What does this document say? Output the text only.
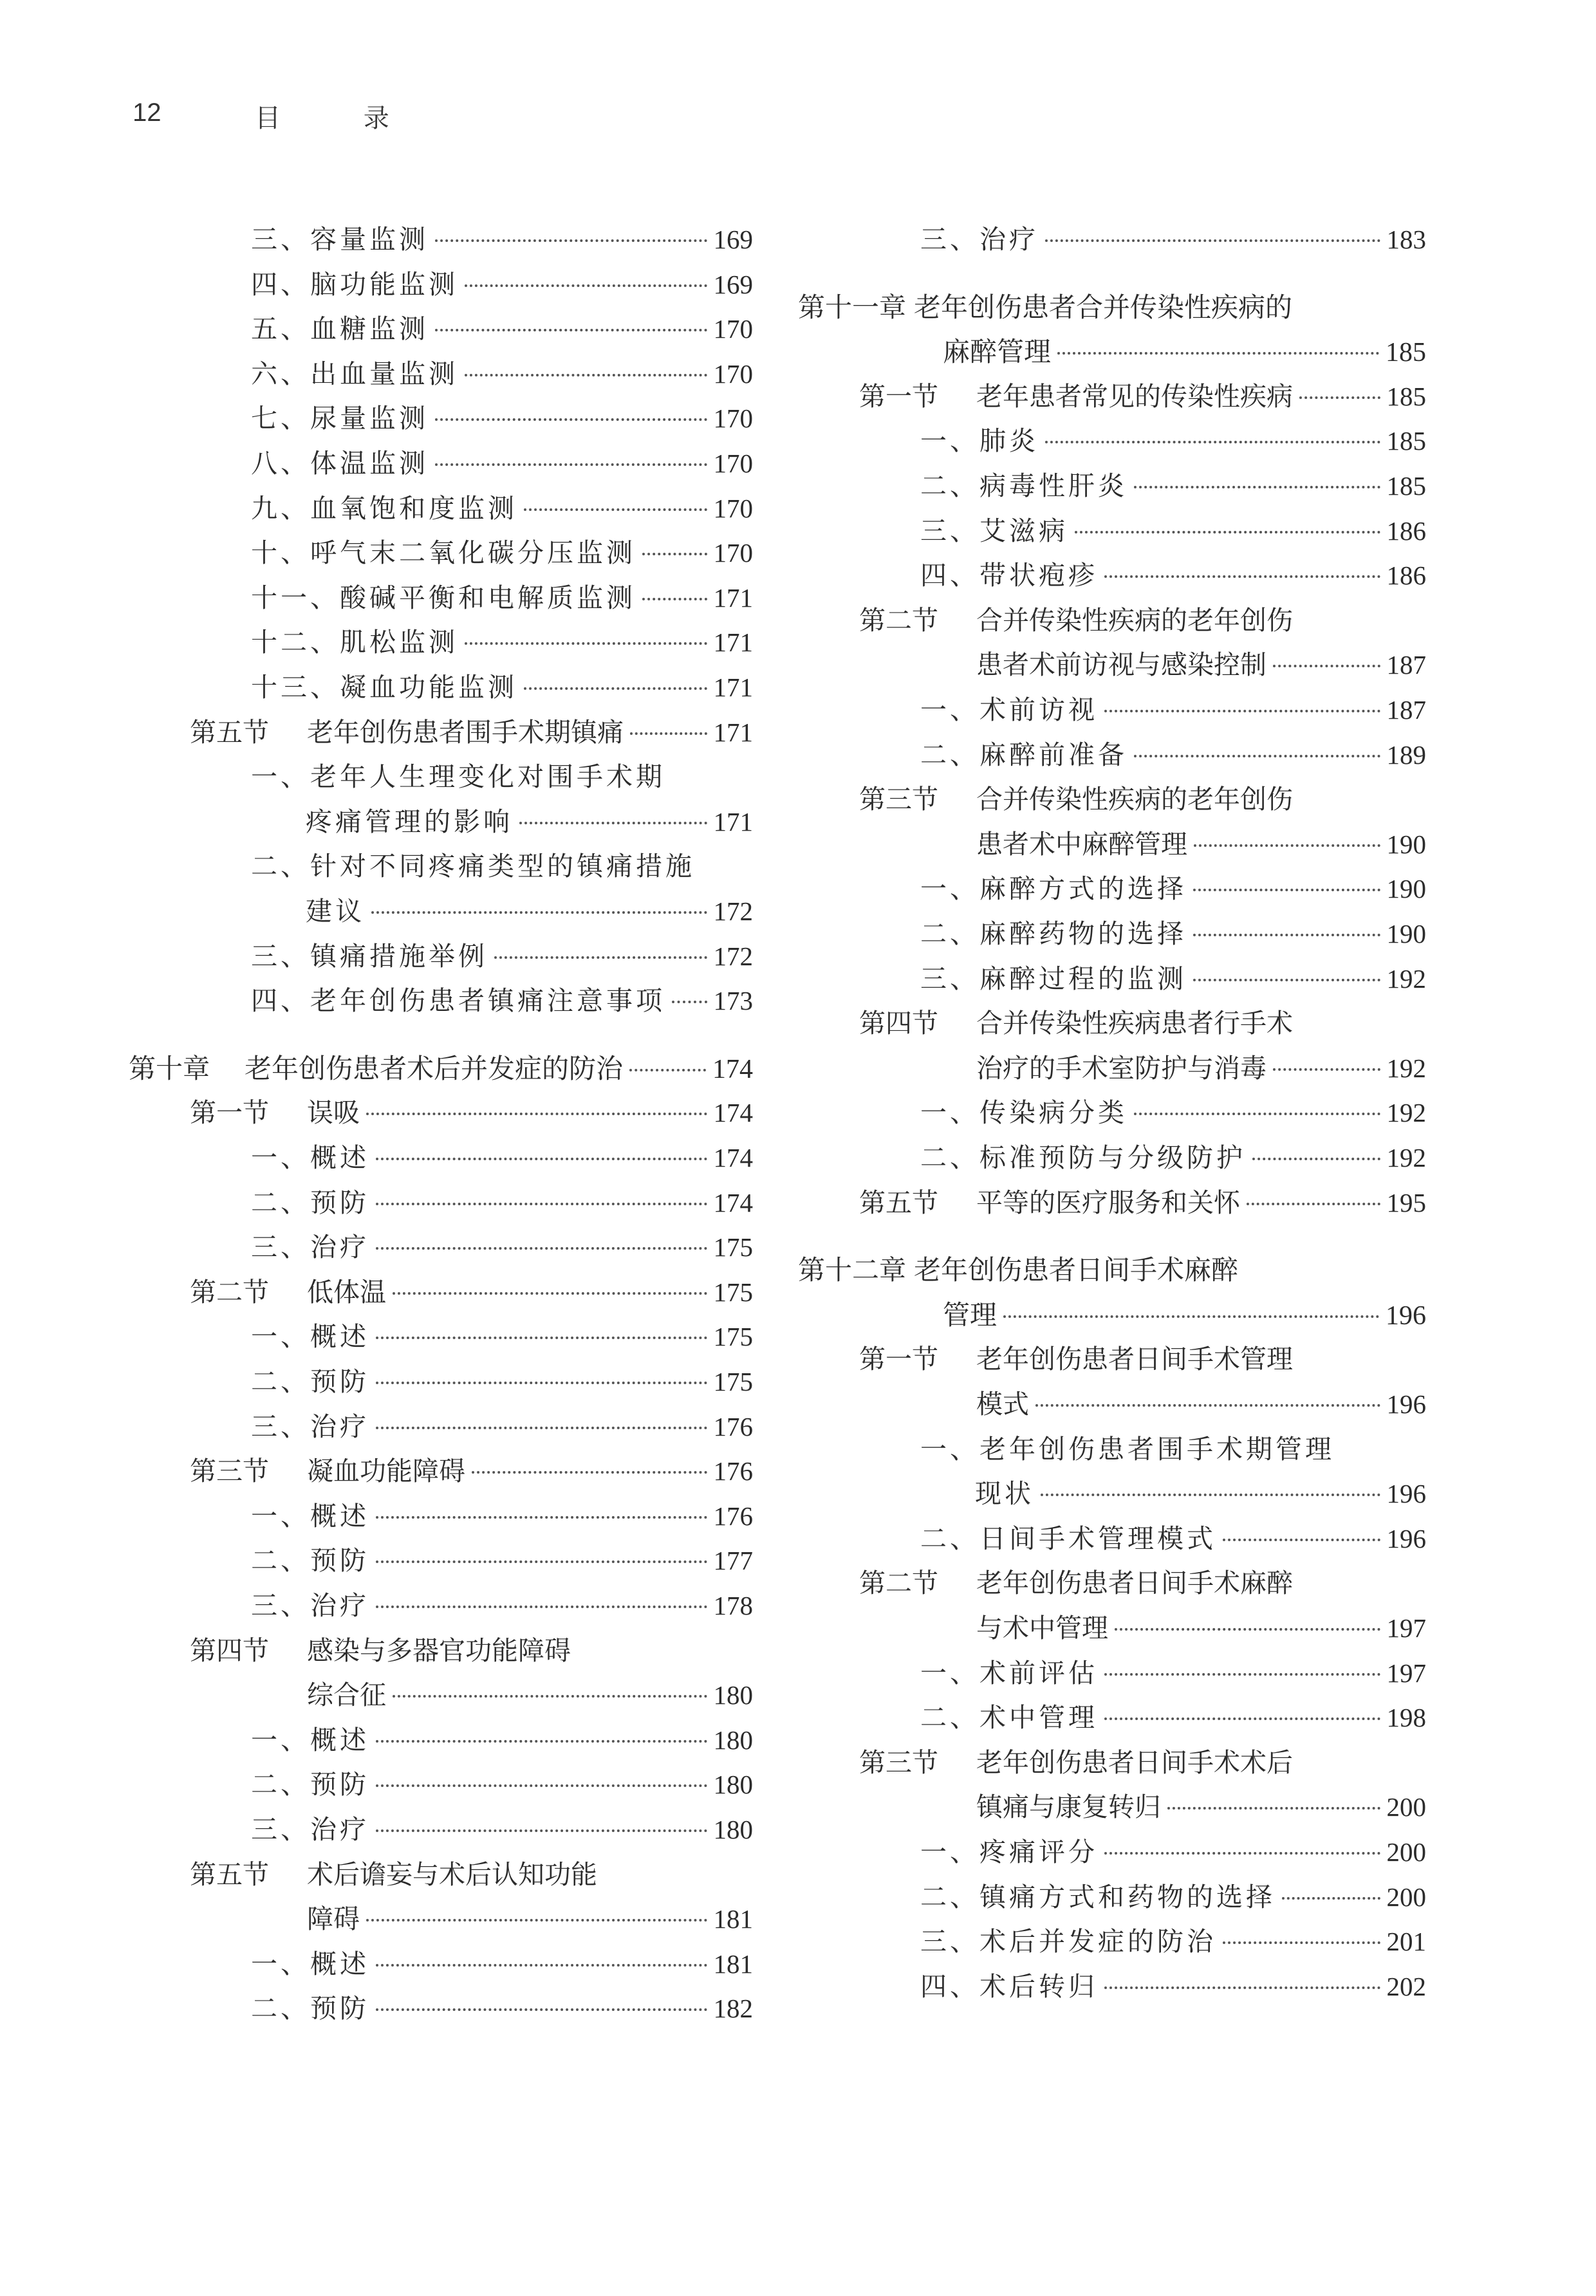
12	目 录
三、 容量监测	169
四、 脑功能监测	169
五、 血糖监测	170
六、 出血量监测	170
七、 尿量监测	170
八、 体温监测	170
九、 血氧饱和度监测	170
十、 呼气末二氧化碳分压监测	170
十一、 酸碱平衡和电解质监测	171
十二、 肌松监测	171
十三、 凝血功能监测	171
第五节	老年创伤患者围手术期镇痛	171
一、 老年人生理变化对围手术期
疼痛管理的影响	171
二、 针对不同疼痛类型的镇痛措施
建议	172
三、 镇痛措施举例	172
四、 老年创伤患者镇痛注意事项 173
第十章	老年创伤患者术后并发症的防治	174
第一节	误吸	174
一、 概述	174
二、 预防	174
三、 治疗	175
第二节	低体温	175
一、 概述	175
二、 预防	175
三、 治疗	176
第三节	凝血功能障碍	176
一、 概述	176
二、 预防	177
三、 治疗	178
第四节	感染与多器官功能障碍
综合征	180
一、 概述	180
二、 预防	180
三、 治疗	180
第五节	术后谵妄与术后认知功能
障碍	181
一、 概述	181
二、 预防	182
三、 治疗	183
第十一章 老年创伤患者合并传染性疾病的
麻醉管理	185
第一节	老年患者常见的传染性疾病	185
一、 肺炎	185
二、 病毒性肝炎	185
三、 艾滋病	186
四、 带状疱疹	186
第二节	合并传染性疾病的老年创伤
患者术前访视与感染控制	187
一、 术前访视	187
二、 麻醉前准备	189
第三节	合并传染性疾病的老年创伤
患者术中麻醉管理	190
一、 麻醉方式的选择	190
二、 麻醉药物的选择	190
三、 麻醉过程的监测	192
第四节	合并传染性疾病患者行手术
治疗的手术室防护与消毒	192
一、 传染病分类	192
二、 标准预防与分级防护	192
第五节	平等的医疗服务和关怀	195
第十二章 老年创伤患者日间手术麻醉
管理	196
第一节	老年创伤患者日间手术管理
模式	196
一、 老年创伤患者围手术期管理
现状	196
二、 日间手术管理模式	196
第二节	老年创伤患者日间手术麻醉
与术中管理	197
一、 术前评估	197
二、 术中管理	198
第三节	老年创伤患者日间手术术后
镇痛与康复转归	200
一、 疼痛评分	200
二、 镇痛方式和药物的选择	200
三、 术后并发症的防治	201
四、 术后转归	202
